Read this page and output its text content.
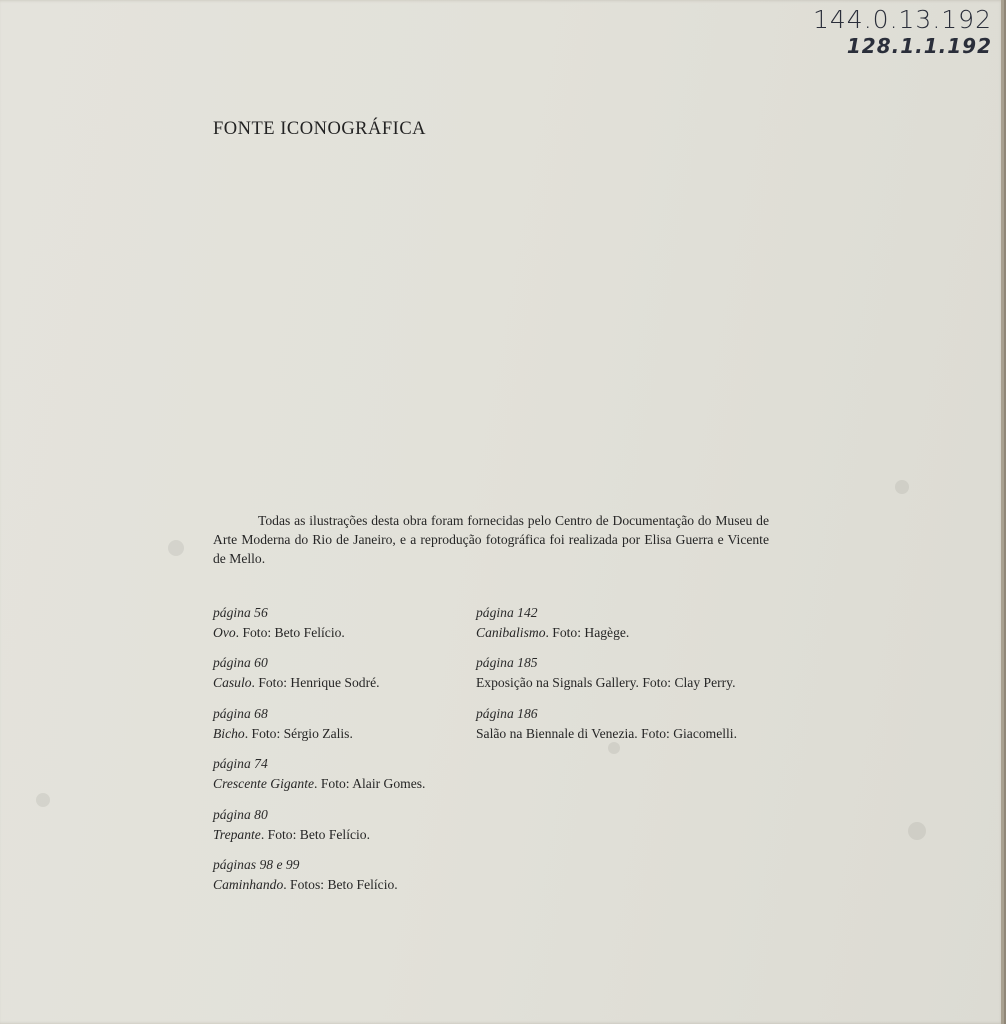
144.0.13.192
128.1.1.192
FONTE ICONOGRÁFICA

Todas as ilustrações desta obra foram fornecidas pelo Centro de Documentação do Museu de Arte Moderna do Rio de Janeiro, e a reprodução fotográfica foi realizada por Elisa Guerra e Vicente de Mello.

página 56
Ovo. Foto: Beto Felício.
página 60
Casulo. Foto: Henrique Sodré.
página 68
Bicho. Foto: Sérgio Zalis.
página 74
Crescente Gigante. Foto: Alair Gomes.
página 80
Trepante. Foto: Beto Felício.
páginas 98 e 99
Caminhando. Fotos: Beto Felício.
página 142
Canibalismo. Foto: Hagège.
página 185
Exposição na Signals Gallery. Foto: Clay Perry.
página 186
Salão na Biennale di Venezia. Foto: Giacomelli.
